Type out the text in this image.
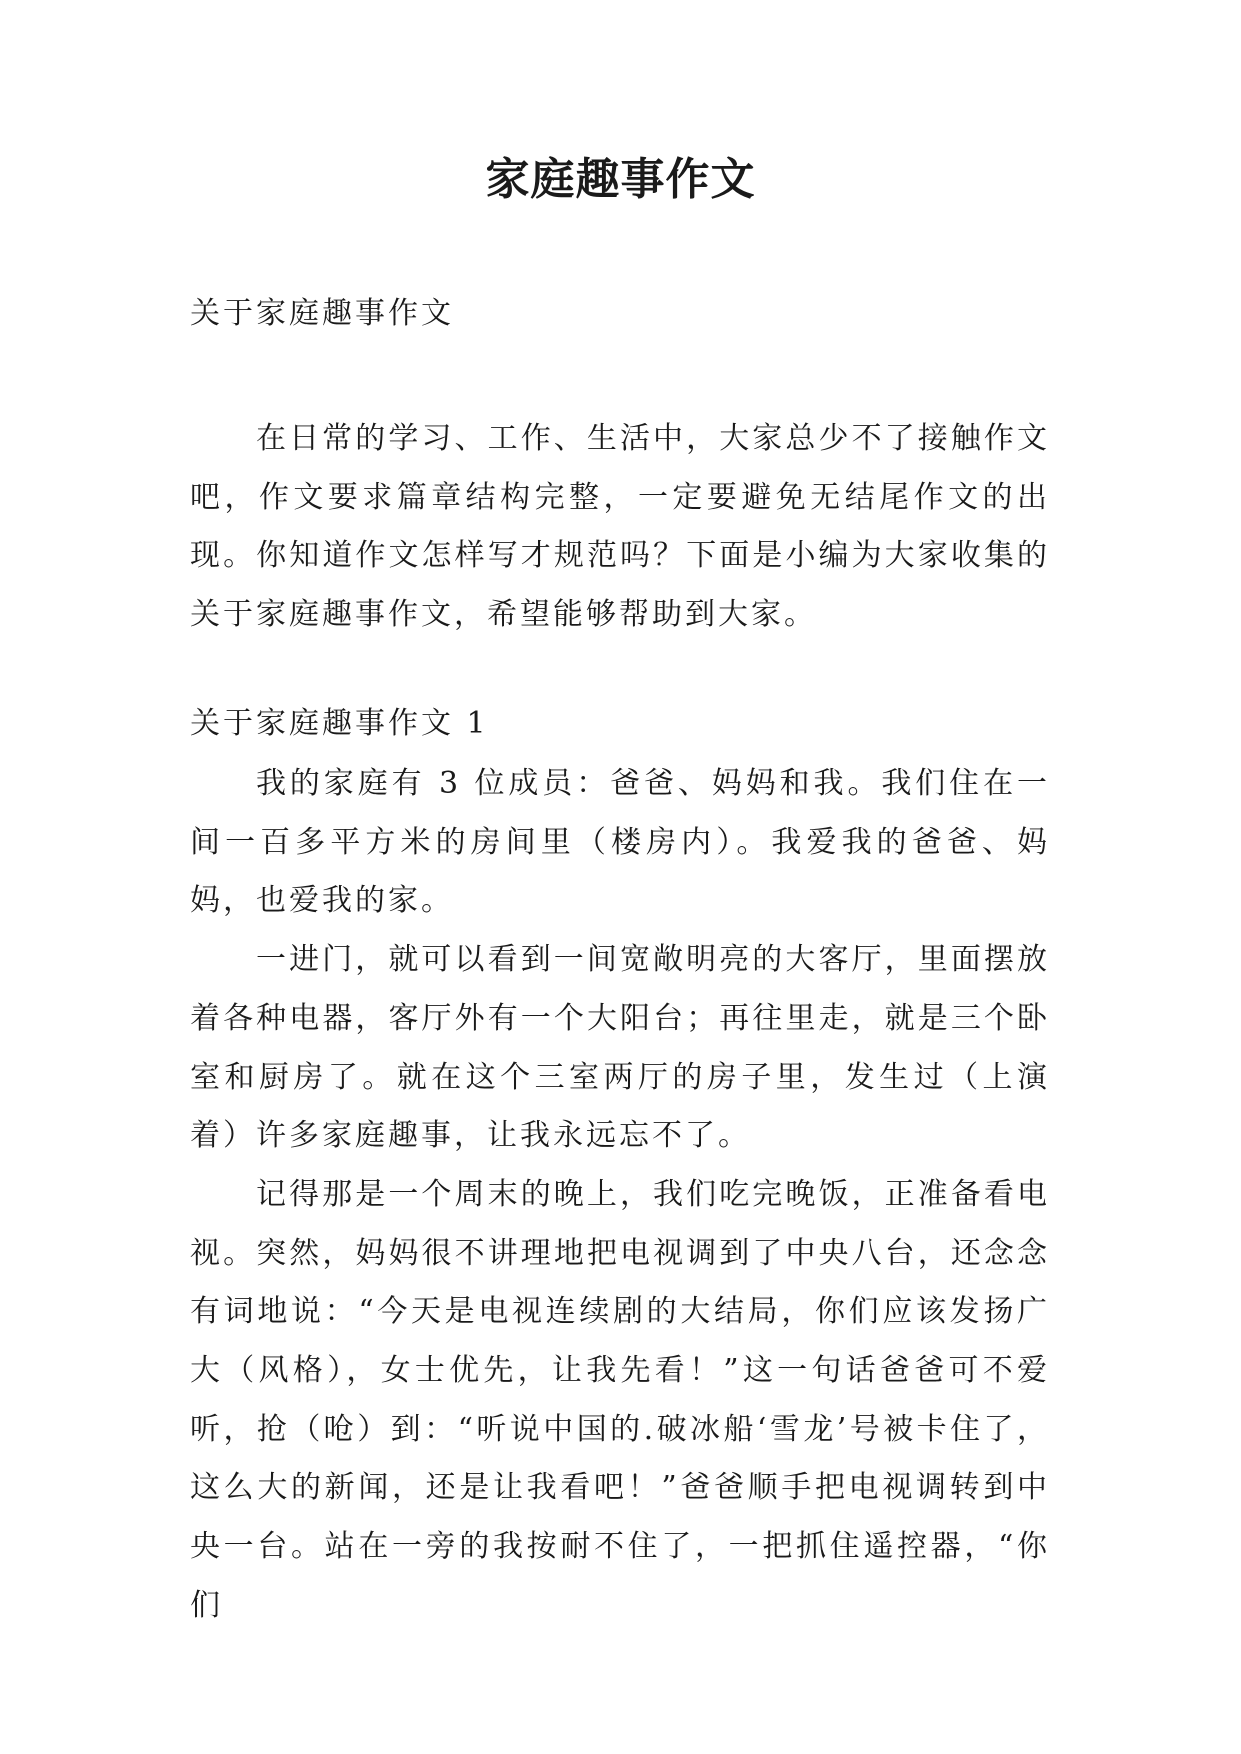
家庭趣事作文
关于家庭趣事作文

在日常的学习、工作、生活中，大家总少不了接触作文吧，作文要求篇章结构完整，一定要避免无结尾作文的出现。你知道作文怎样写才规范吗？下面是小编为大家收集的关于家庭趣事作文，希望能够帮助到大家。

关于家庭趣事作文 1

我的家庭有 3 位成员：爸爸、妈妈和我。我们住在一间一百多平方米的房间里（楼房内）。我爱我的爸爸、妈妈，也爱我的家。

一进门，就可以看到一间宽敞明亮的大客厅，里面摆放着各种电器，客厅外有一个大阳台；再往里走，就是三个卧室和厨房了。就在这个三室两厅的房子里，发生过（上演着）许多家庭趣事，让我永远忘不了。

记得那是一个周末的晚上，我们吃完晚饭，正准备看电视。突然，妈妈很不讲理地把电视调到了中央八台，还念念有词地说：“今天是电视连续剧的大结局，你们应该发扬广大（风格），女士优先，让我先看！”这一句话爸爸可不爱听，抢（呛）到：“听说中国的.破冰船‘雪龙’号被卡住了，这么大的新闻，还是让我看吧！”爸爸顺手把电视调转到中央一台。站在一旁的我按耐不住了，一把抓住遥控器，“你们
